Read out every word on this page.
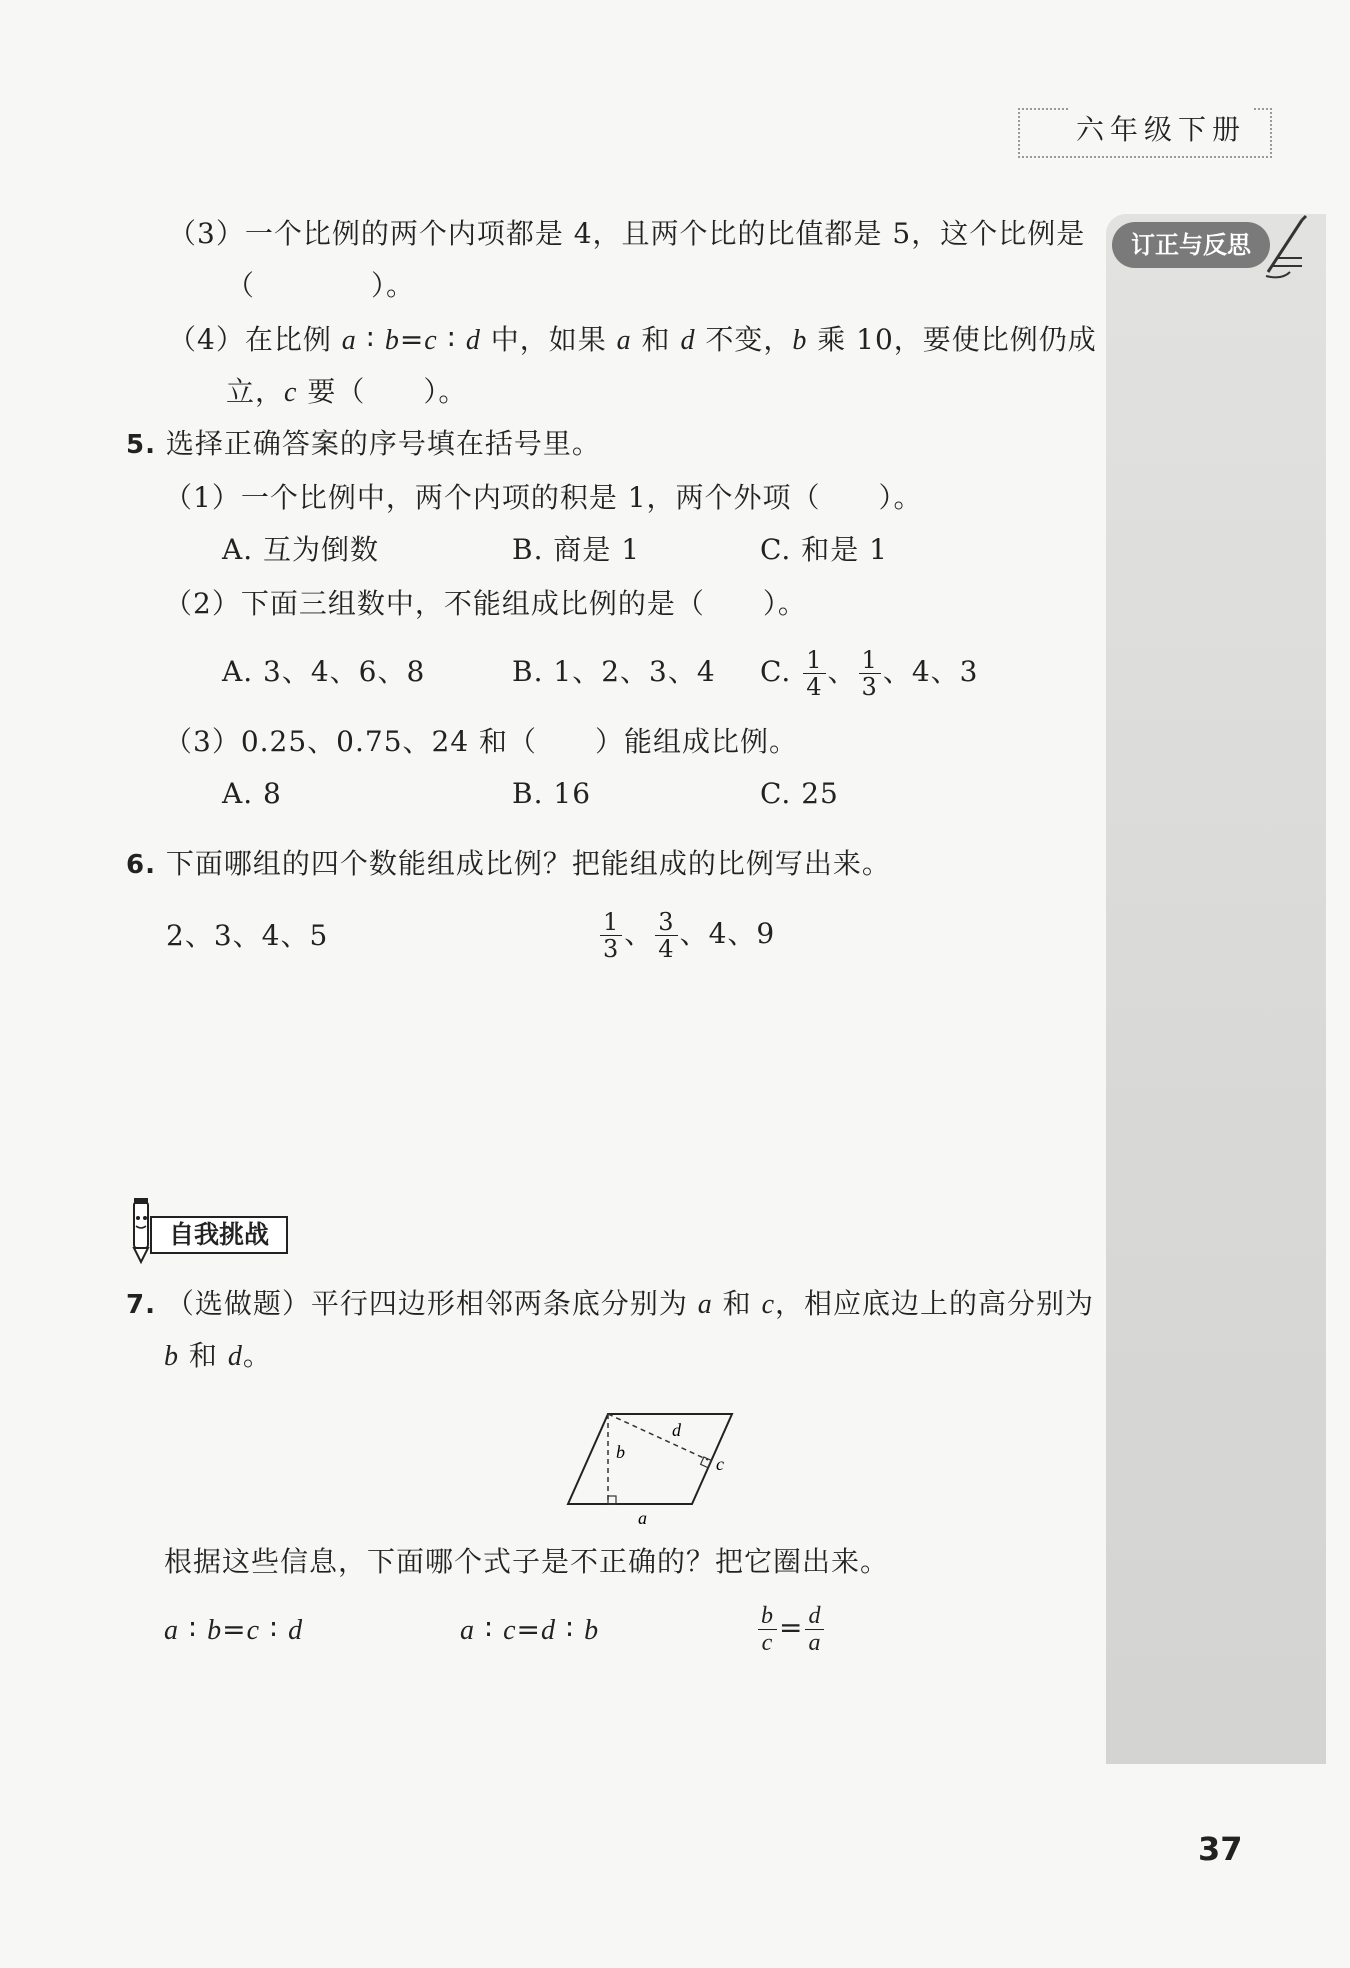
六年级下册
订正与反思
（3）一个比例的两个内项都是 4，且两个比的比值都是 5，这个比例是
（　　　　）。
（4）在比例 a ∶ b=c ∶ d 中，如果 a 和 d 不变，b 乘 10，要使比例仍成
立，c 要（　　）。
5. 选择正确答案的序号填在括号里。
（1）一个比例中，两个内项的积是 1，两个外项（　　）。
A. 互为倒数	B. 商是 1	C. 和是 1
（2）下面三组数中，不能组成比例的是（　　）。
A. 3、4、6、8	B. 1、2、3、4 C. $\frac{1}{4}$ 、 $\frac{1}{3}$ 、4、3
（3）0.25、0.75、24 和（　　）能组成比例。
A. 8	B. 16	C. 25
6. 下面哪组的四个数能组成比例？把能组成的比例写出来。
2、3、4、5	$\frac{1}{3}$ 、 $\frac{3}{4}$ 、4、9
自我挑战
7. （选做题）平行四边形相邻两条底分别为 a 和 c，相应底边上的高分别为
b 和 d。
b
d
c
a
根据这些信息，下面哪个式子是不正确的？把它圈出来。
a ∶ b=c ∶ d	a ∶ c=d ∶ b	$\frac{b}{c} = \frac{d}{a}$
37
